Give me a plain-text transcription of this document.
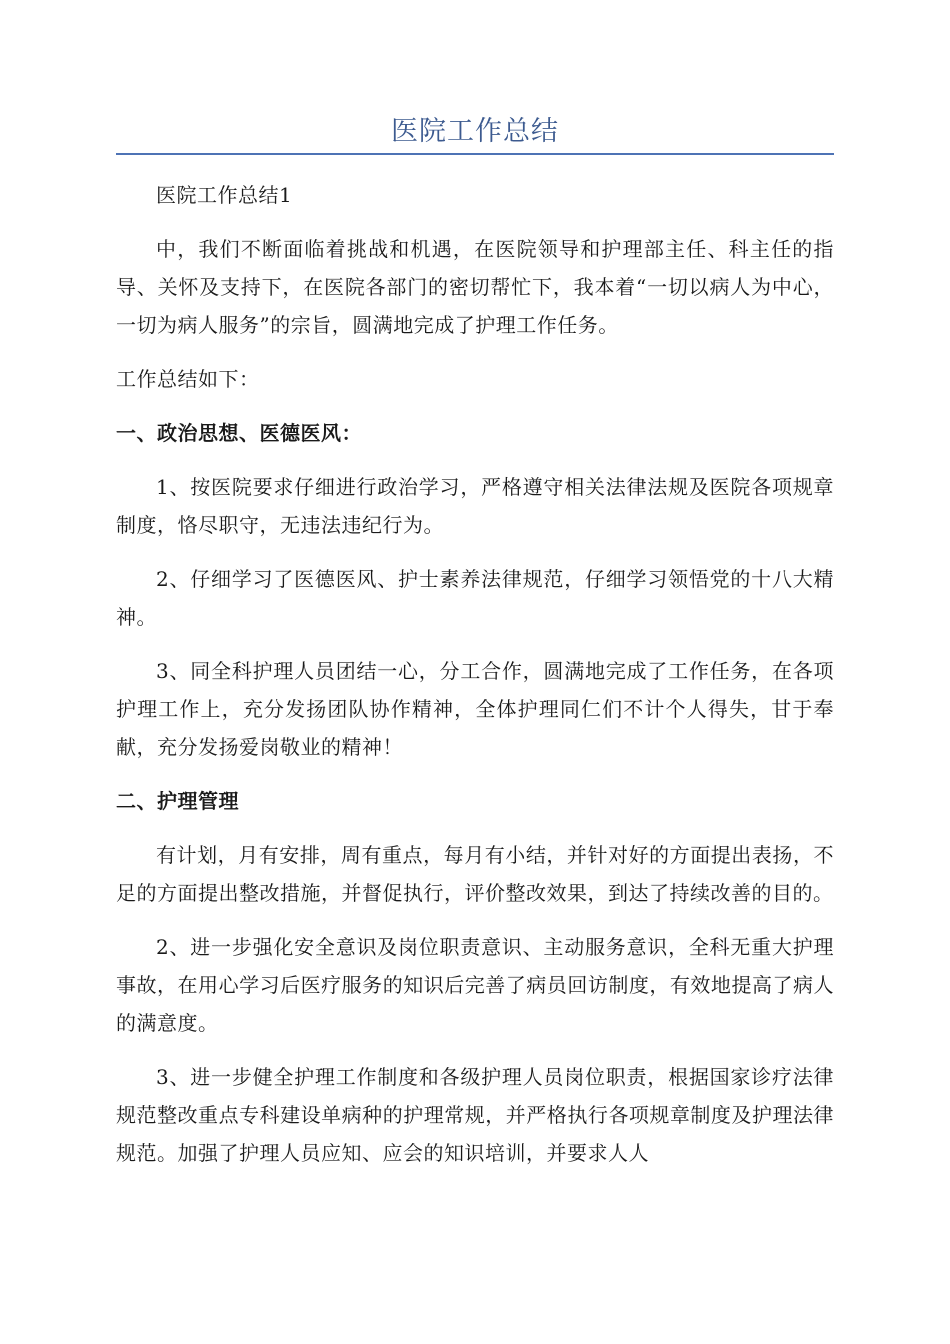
医院工作总结

医院工作总结1

中，我们不断面临着挑战和机遇，在医院领导和护理部主任、科主任的指导、关怀及支持下，在医院各部门的密切帮忙下，我本着“一切以病人为中心，一切为病人服务”的宗旨，圆满地完成了护理工作任务。

工作总结如下：

一、政治思想、医德医风：

1、按医院要求仔细进行政治学习，严格遵守相关法律法规及医院各项规章制度，恪尽职守，无违法违纪行为。

2、仔细学习了医德医风、护士素养法律规范，仔细学习领悟党的十八大精神。

3、同全科护理人员团结一心，分工合作，圆满地完成了工作任务，在各项护理工作上，充分发扬团队协作精神，全体护理同仁们不计个人得失，甘于奉献，充分发扬爱岗敬业的精神！

二、护理管理

有计划，月有安排，周有重点，每月有小结，并针对好的方面提出表扬，不足的方面提出整改措施，并督促执行，评价整改效果，到达了持续改善的目的。

2、进一步强化安全意识及岗位职责意识、主动服务意识，全科无重大护理事故，在用心学习后医疗服务的知识后完善了病员回访制度，有效地提高了病人的满意度。

3、进一步健全护理工作制度和各级护理人员岗位职责，根据国家诊疗法律规范整改重点专科建设单病种的护理常规，并严格执行各项规章制度及护理法律规范。加强了护理人员应知、应会的知识培训，并要求人人
